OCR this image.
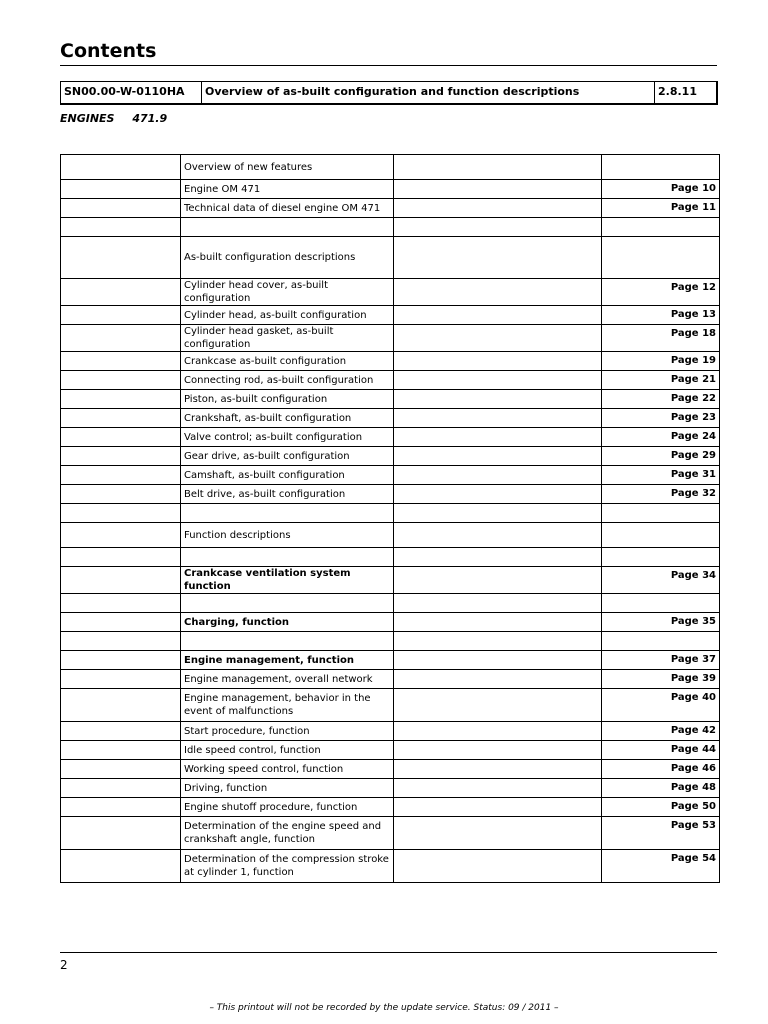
Contents
SN00.00-W-0110HA	Overview of as-built configuration and function descriptions	2.8.11
ENGINES 471.9
	Overview of new features		
	Engine OM 471		Page 10
	Technical data of diesel engine OM 471		Page 11

	As-built configuration descriptions		
	Cylinder head cover, as-built configuration		Page 12
	Cylinder head, as-built configuration		Page 13
	Cylinder head gasket, as-built configuration		Page 18
	Crankcase as-built configuration		Page 19
	Connecting rod, as-built configuration		Page 21
	Piston, as-built configuration		Page 22
	Crankshaft, as-built configuration		Page 23
	Valve control; as-built configuration		Page 24
	Gear drive, as-built configuration		Page 29
	Camshaft, as-built configuration		Page 31
	Belt drive, as-built configuration		Page 32

	Function descriptions		

	Crankcase ventilation system function		Page 34

	Charging, function		Page 35

	Engine management, function		Page 37
	Engine management, overall network		Page 39
	Engine management, behavior in the event of malfunctions		Page 40
	Start procedure, function		Page 42
	Idle speed control, function		Page 44
	Working speed control, function		Page 46
	Driving, function		Page 48
	Engine shutoff procedure, function		Page 50
	Determination of the engine speed and crankshaft angle, function		Page 53
	Determination of the compression stroke at cylinder 1, function		Page 54
2
– This printout will not be recorded by the update service. Status: 09 / 2011 –
